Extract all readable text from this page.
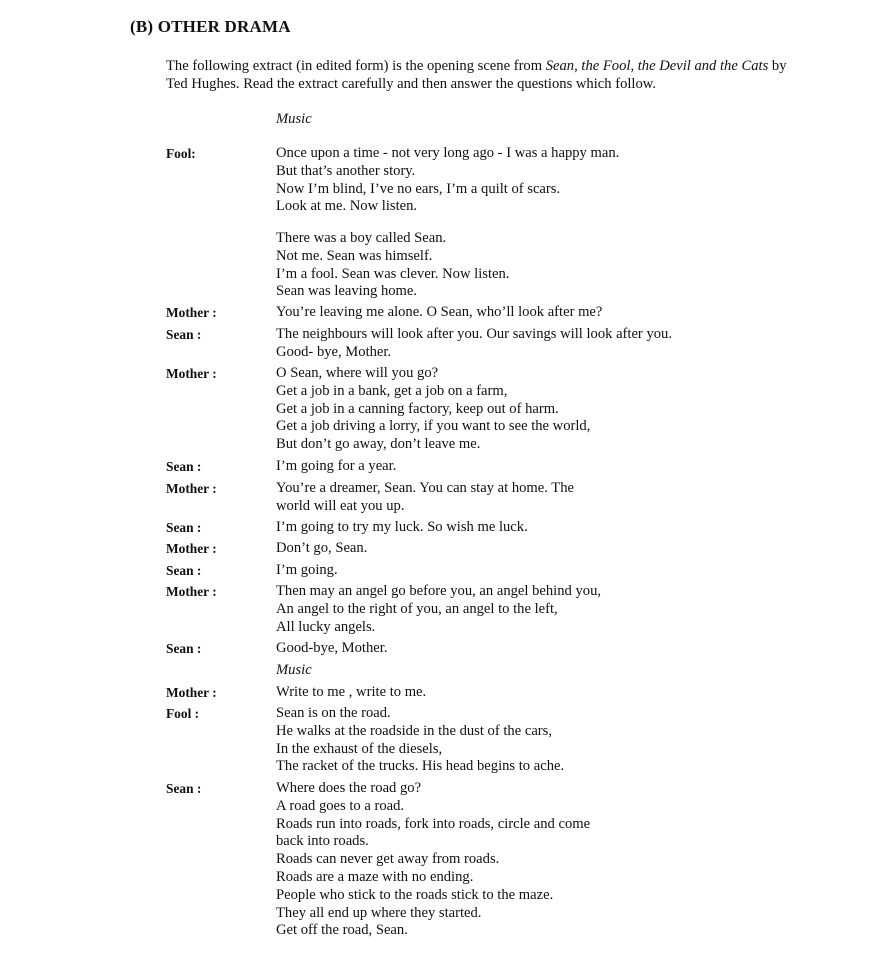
(B) OTHER DRAMA
The following extract (in edited form) is the opening scene from Sean, the Fool, the Devil and the Cats by Ted Hughes. Read the extract carefully and then answer the questions which follow.
Music
Fool:	Once upon a time - not very long ago - I was a happy man.
But that’s another story.
Now I’m blind, I’ve no ears, I’m a quilt of scars.
Look at me. Now listen.
There was a boy called Sean.
Not me. Sean was himself.
I’m a fool. Sean was clever. Now listen.
Sean was leaving home.
Mother :	You’re leaving me alone. O Sean, who’ll look after me?
Sean :	The neighbours will look after you. Our savings will look after you.
Good- bye, Mother.
Mother :	O Sean, where will you go?
Get a job in a bank, get a job on a farm,
Get a job in a canning factory, keep out of harm.
Get a job driving a lorry, if you want to see the world,
But don’t go away, don’t leave me.
Sean :	I’m going for a year.
Mother :	You’re a dreamer, Sean. You can stay at home. The
world will eat you up.
Sean :	I’m going to try my luck. So wish me luck.
Mother :	Don’t go, Sean.
Sean :	I’m going.
Mother :	Then may an angel go before you, an angel behind you,
An angel to the right of you, an angel to the left,
All lucky angels.
Sean :	Good-bye, Mother.
Music
Mother :	Write to me , write to me.
Fool :	Sean is on the road.
He walks at the roadside in the dust of the cars,
In the exhaust of the diesels,
The racket of the trucks. His head begins to ache.
Sean :	Where does the road go?
A road goes to a road.
Roads run into roads, fork into roads, circle and come
back into roads.
Roads can never get away from roads.
Roads are a maze with no ending.
People who stick to the roads stick to the maze.
They all end up where they started.
Get off the road, Sean.
